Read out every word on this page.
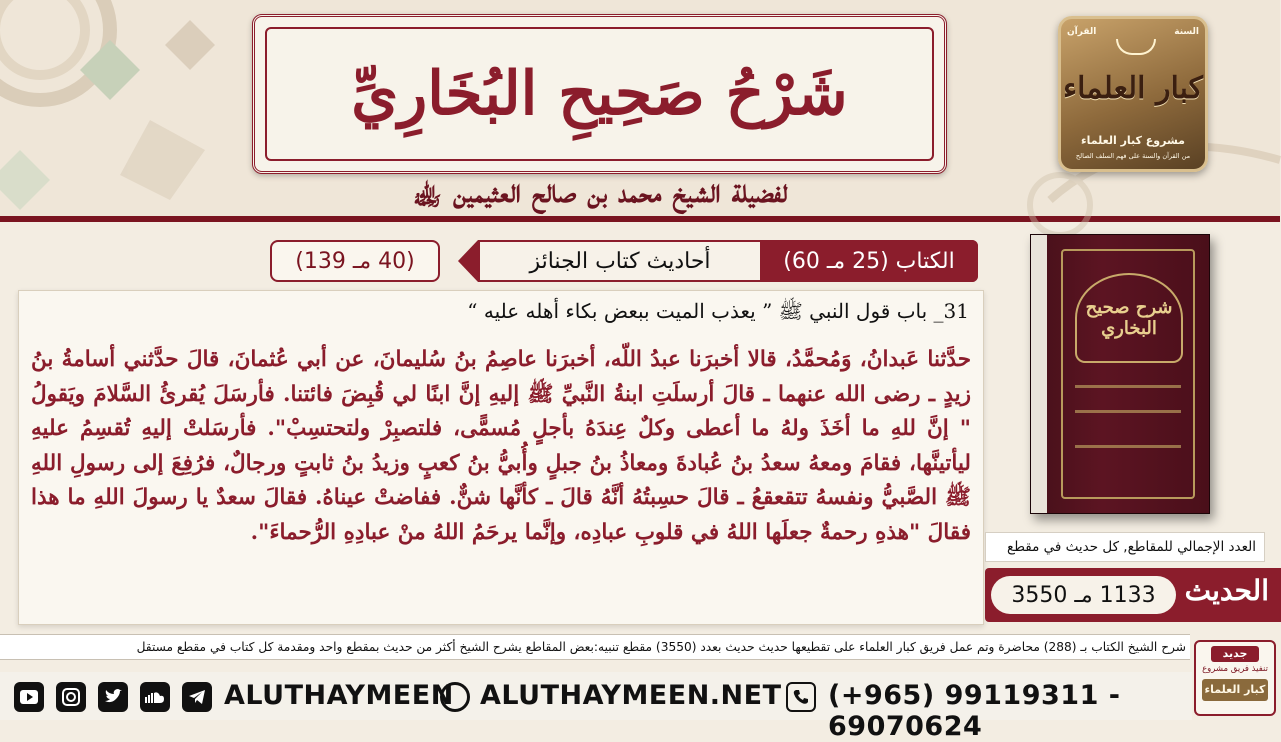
شَرْحُ صَحِيحِ البُخَارِيِّ
لفضيلة الشيخ محمد بن صالح العثيمين ﵀
السنة
القرآن
كبار العلماء
مشروع كبار العلماء
من القرآن والسنة على فهم السلف الصالح
(40 مـ 139)	أحاديث كتاب الجنائز	الكتاب (25 مـ 60)
31_ باب قول النبي ﷺ ” يعذب الميت ببعض بكاء أهله عليه “
حدَّثنا عَبدانُ، وَمُحمَّدُ، قالا أخبرَنا عبدُ اللّه، أخبرَنا عاصِمُ بنُ سُليمانَ، عن أبي عُثمانَ، قالَ حدَّثني أسامةُ بنُ زيدٍ ـ رضى الله عنهما ـ قالَ أرسلَتِ ابنةُ النَّبيِّ ﷺ إليهِ إنَّ ابنًا لي قُبِضَ فائتنا. فأرسَلَ يُقرئُ السَّلامَ ويَقولُ " إنَّ للهِ ما أخَذَ ولهُ ما أعطى وكلٌ عِندَهُ بأجلٍ مُسمًّى، فلتصبِرْ ولتحتسِبْ". فأرسَلتْ إليهِ تُقسِمُ عليهِ ليأتينَّها، فقامَ ومعهُ سعدُ بنُ عُبادةَ ومعاذُ بنُ جبلٍ وأُبيُّ بنُ كعبٍ وزيدُ بنُ ثابتٍ ورجالٌ، فرُفِعَ إلى رسولِ اللهِ ﷺ الصَّبيُّ ونفسهُ تتقعقعُ ـ قالَ حسِبتُهُ أنَّهُ قالَ ـ كأنَّها شنٌّ. ففاضتْ عيناهُ. فقالَ سعدٌ يا رسولَ اللهِ ما هذا فقالَ "هذهِ رحمةٌ جعلَها اللهُ في قلوبِ عبادِه، وإنَّما يرحَمُ اللهُ منْ عبادِهِ الرُّحماءَ".
شرح صحيح البخاري
العدد الإجمالي للمقاطع, كل حديث في مقطع
الحديث
1133 مـ 3550
شرح الشيخ الكتاب بـ (288) محاضرة وتم عمل فريق كبار العلماء على تقطيعها حديث حديث بعدد (3550) مقطع تنبيه:بعض المقاطع يشرح الشيخ أكثر من حديث بمقطع واحد ومقدمة كل كتاب في مقطع مستقل	جديد
تنفيذ فريق مشروع
كبار العلماء
ALUTHAYMEEN ALUTHAYMEEN.NET (+965) 99119311 - 69070624
